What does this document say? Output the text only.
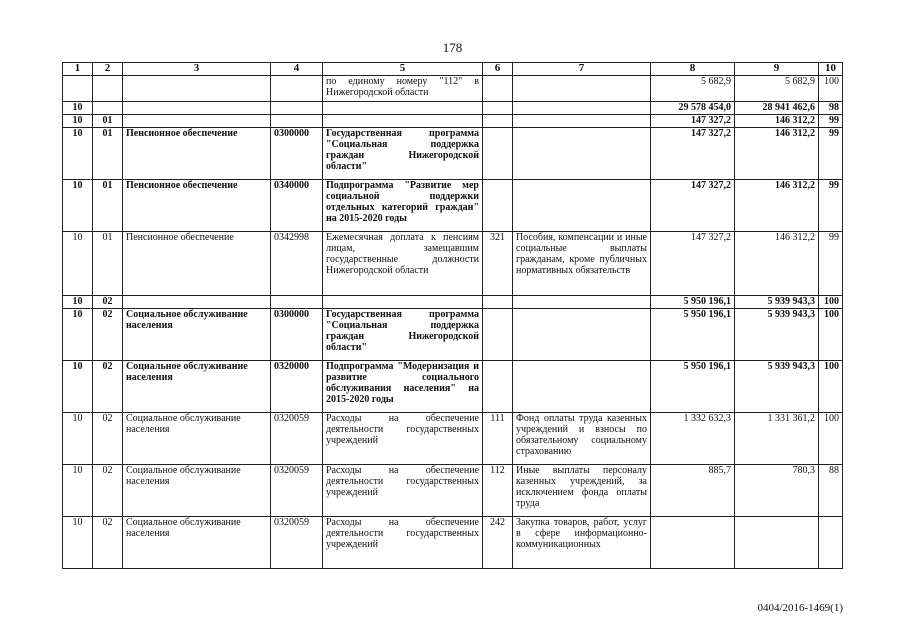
178
1	2	3	4	5	6	7	8	9	10
				по единому номеру "112" в Нижегородской области			5 682,9	5 682,9	100
10							29 578 454,0	28 941 462,6	98
10	01						147 327,2	146 312,2	99
10	01	Пенсионное обеспечение	0300000	Государственная программа "Социальная поддержка граждан Нижегородской области"			147 327,2	146 312,2	99
10	01	Пенсионное обеспечение	0340000	Подпрограмма "Развитие мер социальной поддержки отдельных категорий граждан" на 2015-2020 годы			147 327,2	146 312,2	99
10	01	Пенсионное обеспечение	0342998	Ежемесячная доплата к пенсиям лицам, замещавшим государственные должности Нижегородской области	321	Пособия, компенсации и иные социальные выплаты гражданам, кроме публичных нормативных обязательств	147 327,2	146 312,2	99
10	02						5 950 196,1	5 939 943,3	100
10	02	Социальное обслуживание населения	0300000	Государственная программа "Социальная поддержка граждан Нижегородской области"			5 950 196,1	5 939 943,3	100
10	02	Социальное обслуживание населения	0320000	Подпрограмма "Модернизация и развитие социального обслуживания населения" на 2015-2020 годы			5 950 196,1	5 939 943,3	100
10	02	Социальное обслуживание населения	0320059	Расходы на обеспечение деятельности государственных учреждений	111	Фонд оплаты труда казенных учреждений и взносы по обязательному социальному страхованию	1 332 632,3	1 331 361,2	100
10	02	Социальное обслуживание населения	0320059	Расходы на обеспечение деятельности государственных учреждений	112	Иные выплаты персоналу казенных учреждений, за исключением фонда оплаты труда	885,7	780,3	88
10	02	Социальное обслуживание населения	0320059	Расходы на обеспечение деятельности государственных учреждений	242	Закупка товаров, работ, услуг в сфере информационно-коммуникационных			
0404/2016-1469(1)
